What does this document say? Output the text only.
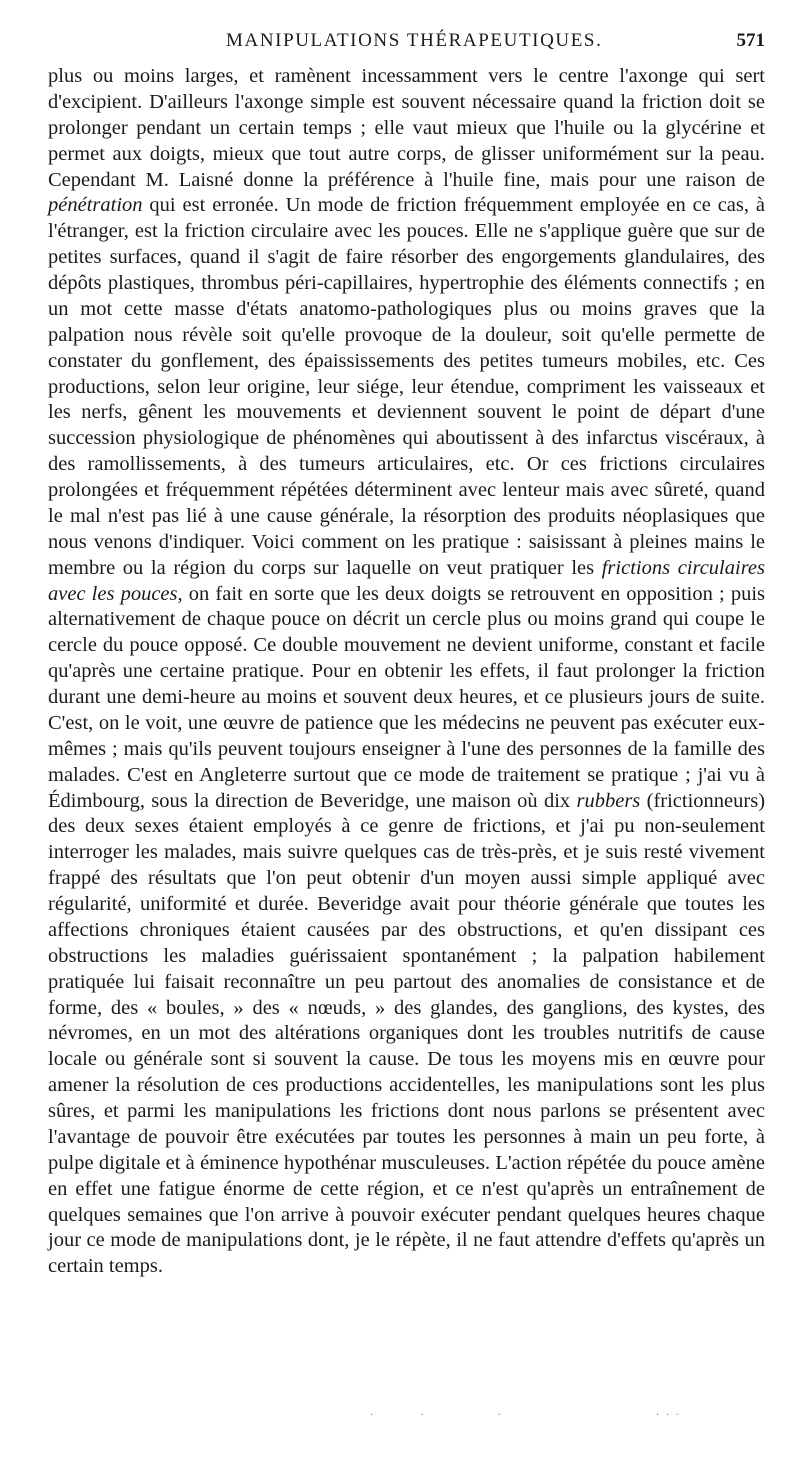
MANIPULATIONS THÉRAPEUTIQUES.	571

plus ou moins larges, et ramènent incessamment vers le centre l'axonge qui sert d'excipient. D'ailleurs l'axonge simple est souvent nécessaire quand la friction doit se prolonger pendant un certain temps ; elle vaut mieux que l'huile ou la glycérine et permet aux doigts, mieux que tout autre corps, de glisser uniformément sur la peau. Cependant M. Laisné donne la préférence à l'huile fine, mais pour une raison de pénétration qui est erronée. Un mode de friction fréquemment employée en ce cas, à l'étranger, est la friction circulaire avec les pouces. Elle ne s'applique guère que sur de petites surfaces, quand il s'agit de faire résorber des engorgements glandulaires, des dépôts plastiques, thrombus péri-capillaires, hypertrophie des éléments connectifs ; en un mot cette masse d'états anatomo-pathologiques plus ou moins graves que la palpation nous révèle soit qu'elle provoque de la douleur, soit qu'elle permette de constater du gonflement, des épaississements des petites tumeurs mobiles, etc. Ces productions, selon leur origine, leur siége, leur étendue, compriment les vaisseaux et les nerfs, gênent les mouvements et deviennent souvent le point de départ d'une succession physiologique de phénomènes qui aboutissent à des infarctus viscéraux, à des ramollissements, à des tumeurs articulaires, etc. Or ces frictions circulaires prolongées et fréquemment répétées déterminent avec lenteur mais avec sûreté, quand le mal n'est pas lié à une cause générale, la résorption des produits néoplasiques que nous venons d'indiquer. Voici comment on les pratique : saisissant à pleines mains le membre ou la région du corps sur laquelle on veut pratiquer les frictions circulaires avec les pouces, on fait en sorte que les deux doigts se retrouvent en opposition ; puis alternativement de chaque pouce on décrit un cercle plus ou moins grand qui coupe le cercle du pouce opposé. Ce double mouvement ne devient uniforme, constant et facile qu'après une certaine pratique. Pour en obtenir les effets, il faut prolonger la friction durant une demi-heure au moins et souvent deux heures, et ce plusieurs jours de suite. C'est, on le voit, une œuvre de patience que les médecins ne peuvent pas exécuter eux-mêmes ; mais qu'ils peuvent toujours enseigner à l'une des personnes de la famille des malades. C'est en Angleterre surtout que ce mode de traitement se pratique ; j'ai vu à Édimbourg, sous la direction de Beveridge, une maison où dix rubbers (frictionneurs) des deux sexes étaient employés à ce genre de frictions, et j'ai pu non-seulement interroger les malades, mais suivre quelques cas de très-près, et je suis resté vivement frappé des résultats que l'on peut obtenir d'un moyen aussi simple appliqué avec régularité, uniformité et durée. Beveridge avait pour théorie générale que toutes les affections chroniques étaient causées par des obstructions, et qu'en dissipant ces obstructions les maladies guérissaient spontanément ; la palpation habilement pratiquée lui faisait reconnaître un peu partout des anomalies de consistance et de forme, des « boules, » des « nœuds, » des glandes, des ganglions, des kystes, des névromes, en un mot des altérations organiques dont les troubles nutritifs de cause locale ou générale sont si souvent la cause. De tous les moyens mis en œuvre pour amener la résolution de ces productions accidentelles, les manipulations sont les plus sûres, et parmi les manipulations les frictions dont nous parlons se présentent avec l'avantage de pouvoir être exécutées par toutes les personnes à main un peu forte, à pulpe digitale et à éminence hypothénar musculeuses. L'action répétée du pouce amène en effet une fatigue énorme de cette région, et ce n'est qu'après un entraînement de quelques semaines que l'on arrive à pouvoir exécuter pendant quelques heures chaque jour ce mode de manipulations dont, je le répète, il ne faut attendre d'effets qu'après un certain temps.

·          ·                ·                                  · · ·
